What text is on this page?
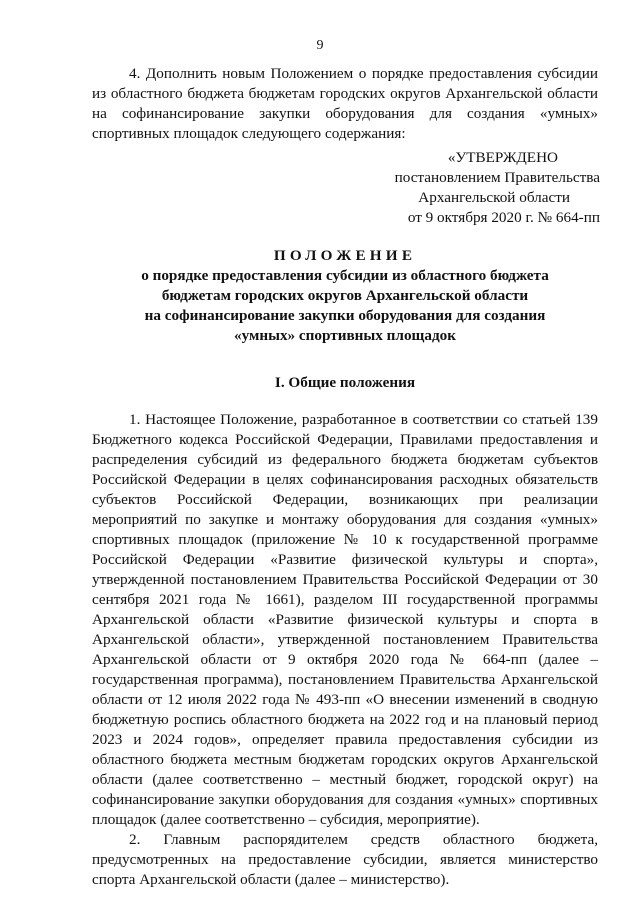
9

4. Дополнить новым Положением о порядке предоставления субсидии из областного бюджета бюджетам городских округов Архангельской области на софинансирование закупки оборудования для создания «умных» спортивных площадок следующего содержания:

«УТВЕРЖДЕНО
постановлением Правительства
Архангельской области
от 9 октября 2020 г. № 664-пп
ПОЛОЖЕНИЕ
о порядке предоставления субсидии из областного бюджета
бюджетам городских округов Архангельской области
на софинансирование закупки оборудования для создания
«умных» спортивных площадок
I. Общие положения

1. Настоящее Положение, разработанное в соответствии со статьей 139 Бюджетного кодекса Российской Федерации, Правилами предоставления и распределения субсидий из федерального бюджета бюджетам субъектов Российской Федерации в целях софинансирования расходных обязательств субъектов Российской Федерации, возникающих при реализации мероприятий по закупке и монтажу оборудования для создания «умных» спортивных площадок (приложение № 10 к государственной программе Российской Федерации «Развитие физической культуры и спорта», утвержденной постановлением Правительства Российской Федерации от 30 сентября 2021 года № 1661), разделом III государственной программы Архангельской области «Развитие физической культуры и спорта в Архангельской области», утвержденной постановлением Правительства Архангельской области от 9 октября 2020 года № 664-пп (далее – государственная программа), постановлением Правительства Архангельской области от 12 июля 2022 года № 493-пп «О внесении изменений в сводную бюджетную роспись областного бюджета на 2022 год и на плановый период 2023 и 2024 годов», определяет правила предоставления субсидии из областного бюджета местным бюджетам городских округов Архангельской области (далее соответственно – местный бюджет, городской округ) на софинансирование закупки оборудования для создания «умных» спортивных площадок (далее соответственно – субсидия, мероприятие).

2. Главным распорядителем средств областного бюджета, предусмотренных на предоставление субсидии, является министерство спорта Архангельской области (далее – министерство).
